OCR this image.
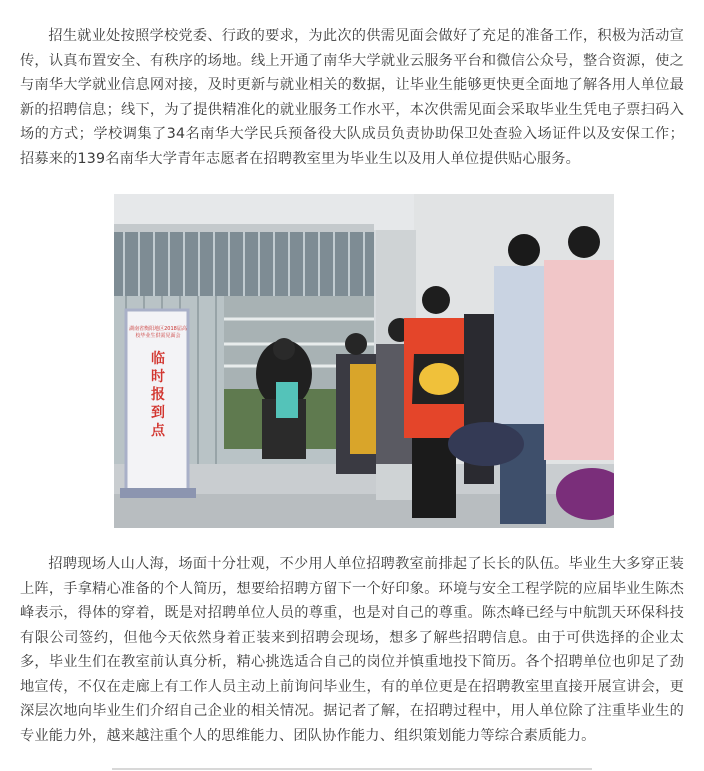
招生就业处按照学校党委、行政的要求，为此次的供需见面会做好了充足的准备工作，积极为活动宣传，认真布置安全、有秩序的场地。线上开通了南华大学就业云服务平台和微信公众号，整合资源，使之与南华大学就业信息网对接，及时更新与就业相关的数据，让毕业生能够更快更全面地了解各用人单位最新的招聘信息；线下，为了提供精准化的就业服务工作水平，本次供需见面会采取毕业生凭电子票扫码入场的方式；学校调集了34名南华大学民兵预备役大队成员负责协助保卫处查验入场证件以及安保工作；招募来的139名南华大学青年志愿者在招聘教室里为毕业生以及用人单位提供贴心服务。

湖南省衡阳地区2018届高校毕业生供需见面会
临时报到点

招聘现场人山人海，场面十分壮观，不少用人单位招聘教室前排起了长长的队伍。毕业生大多穿正装上阵，手拿精心准备的个人简历，想要给招聘方留下一个好印象。环境与安全工程学院的应届毕业生陈杰峰表示，得体的穿着，既是对招聘单位人员的尊重，也是对自己的尊重。陈杰峰已经与中航凯天环保科技有限公司签约，但他今天依然身着正装来到招聘会现场，想多了解些招聘信息。由于可供选择的企业太多，毕业生们在教室前认真分析，精心挑选适合自己的岗位并慎重地投下简历。各个招聘单位也卯足了劲地宣传，不仅在走廊上有工作人员主动上前询问毕业生，有的单位更是在招聘教室里直接开展宣讲会，更深层次地向毕业生们介绍自己企业的相关情况。据记者了解，在招聘过程中，用人单位除了注重毕业生的专业能力外，越来越注重个人的思维能力、团队协作能力、组织策划能力等综合素质能力。
